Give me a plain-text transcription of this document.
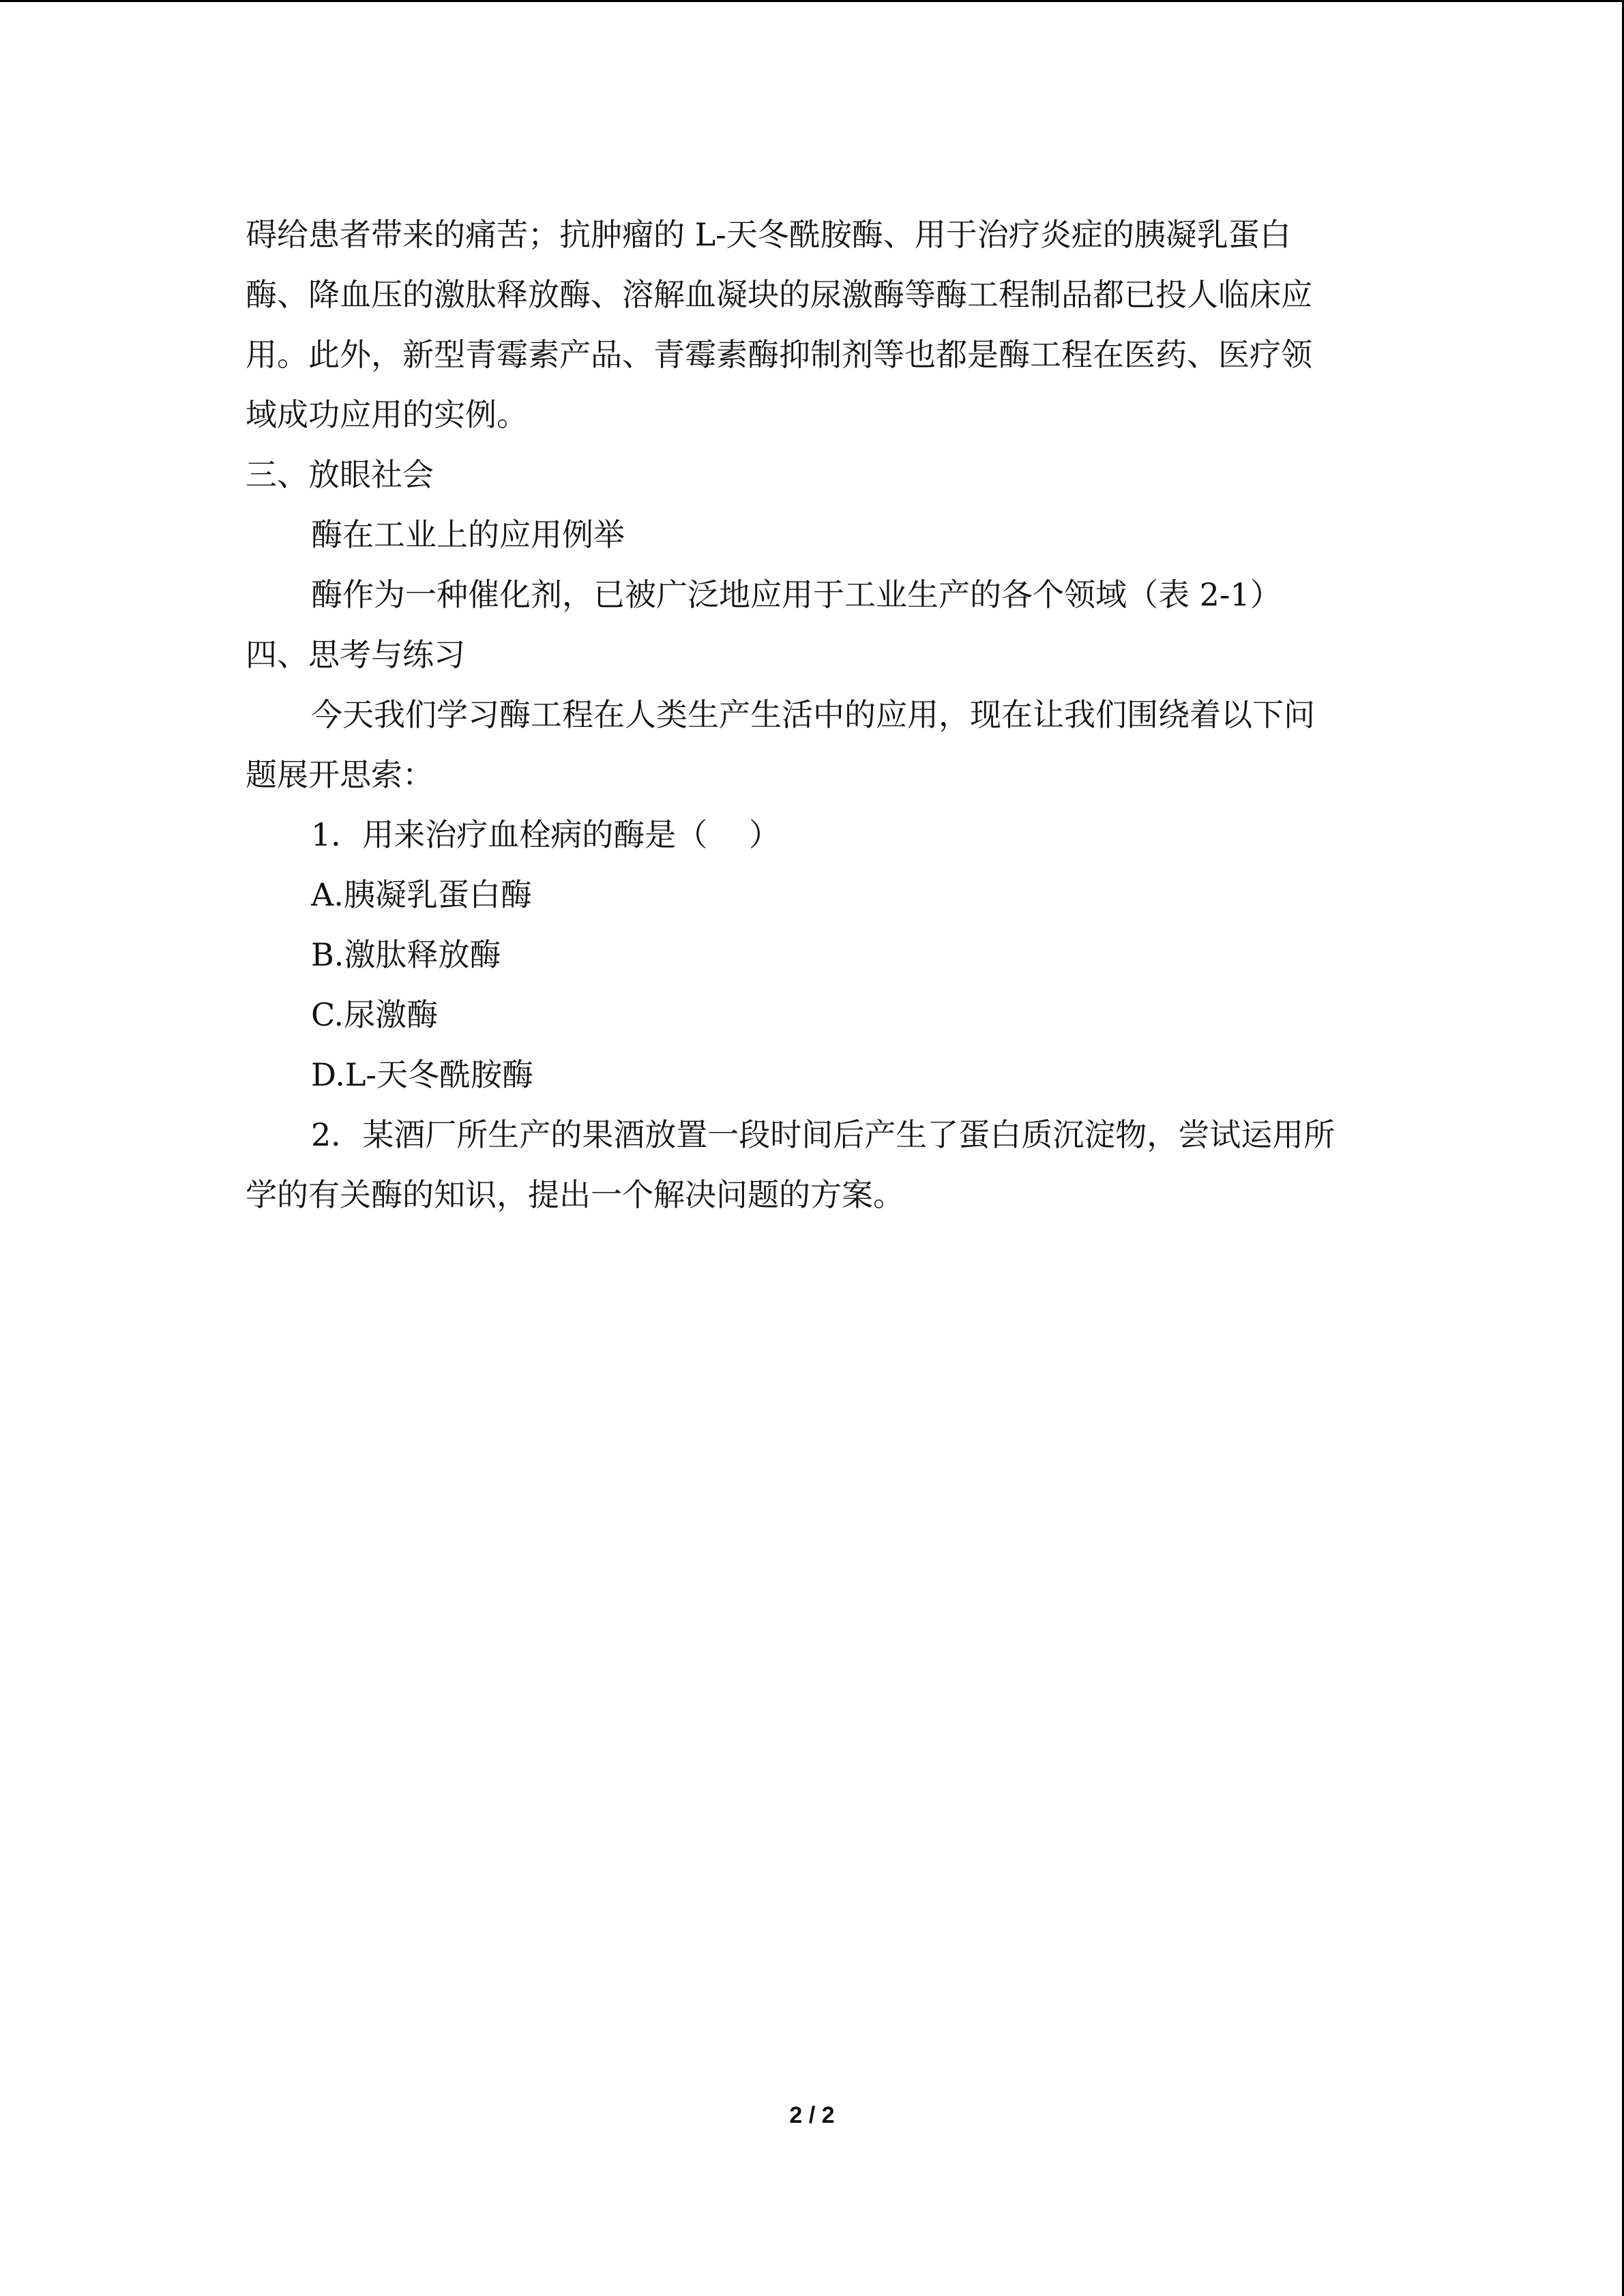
碍给患者带来的痛苦；抗肿瘤的 L-天冬酰胺酶、用于治疗炎症的胰凝乳蛋白
酶、降血压的激肽释放酶、溶解血凝块的尿激酶等酶工程制品都已投人临床应
用。此外，新型青霉素产品、青霉素酶抑制剂等也都是酶工程在医药、医疗领
域成功应用的实例。
三、放眼社会
酶在工业上的应用例举
酶作为一种催化剂，已被广泛地应用于工业生产的各个领域（表 2-1）
四、思考与练习
今天我们学习酶工程在人类生产生活中的应用，现在让我们围绕着以下问
题展开思索：
1．用来治疗血栓病的酶是（　 ）
A.胰凝乳蛋白酶
B.激肽释放酶
C.尿激酶
D.L-天冬酰胺酶
2．某酒厂所生产的果酒放置一段时间后产生了蛋白质沉淀物，尝试运用所
学的有关酶的知识，提出一个解决问题的方案。
2 / 2
